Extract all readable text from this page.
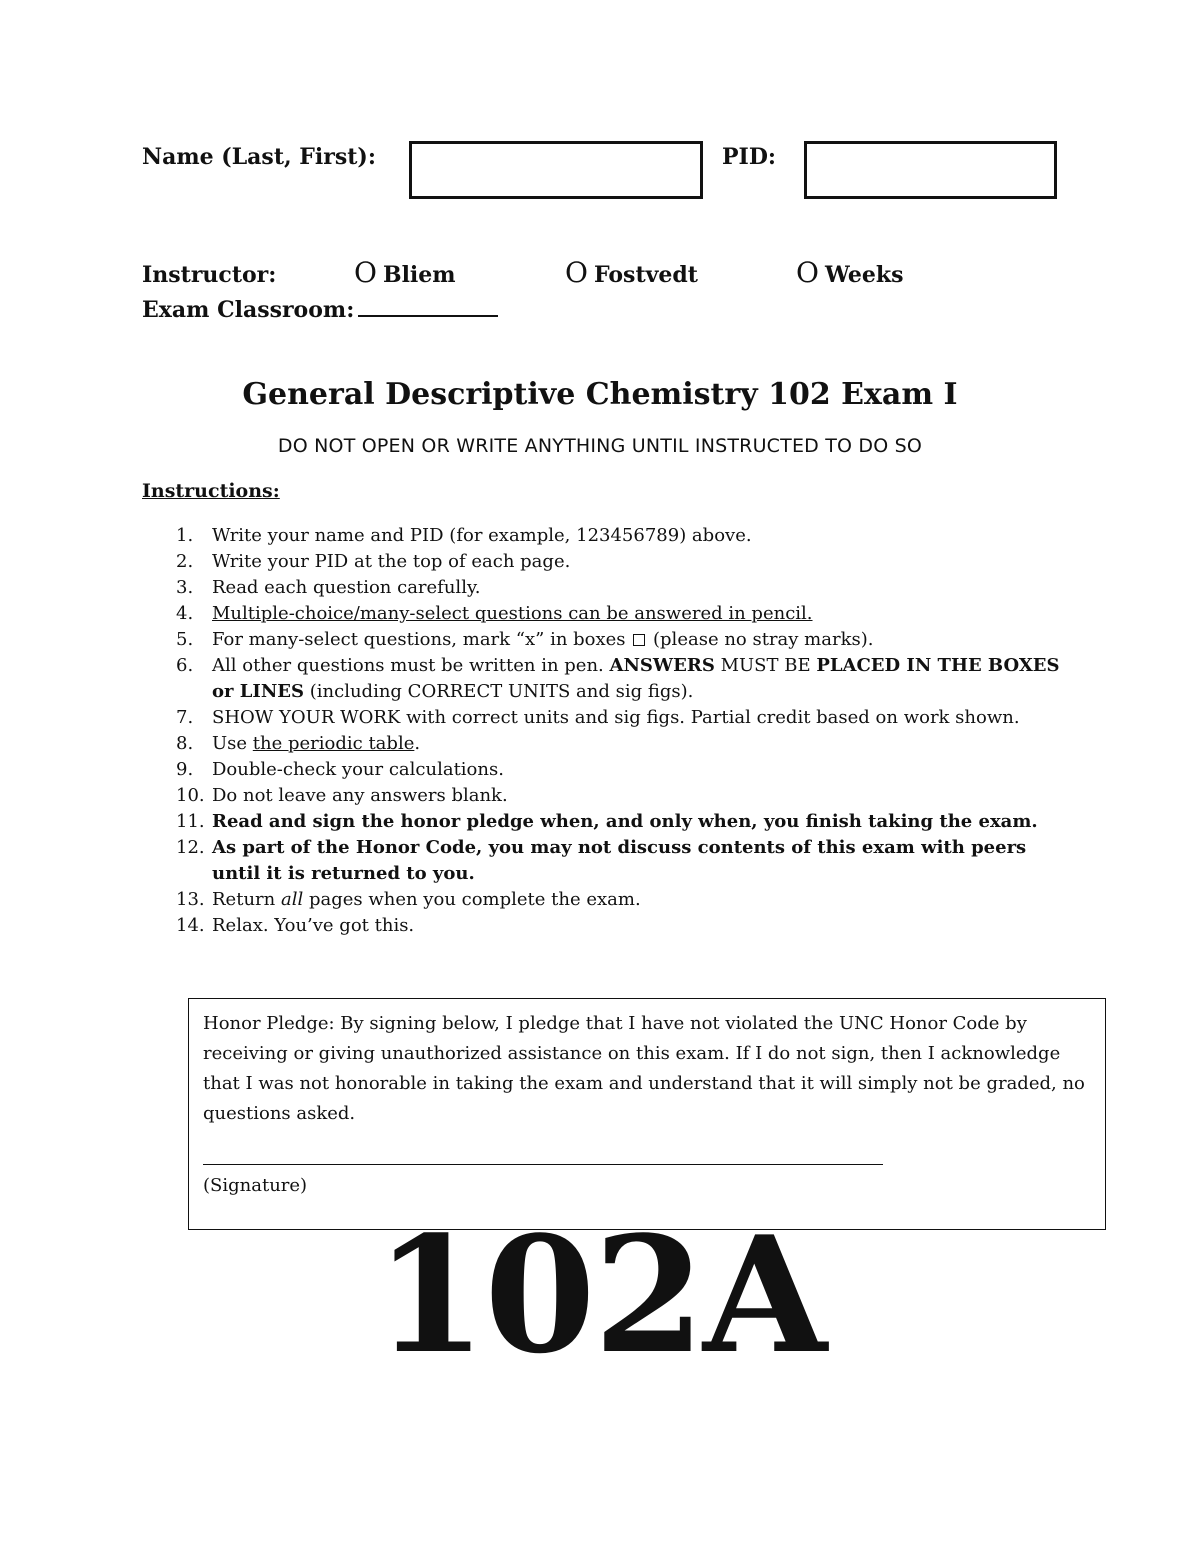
Name (Last, First):	PID:
Instructor:	O Bliem	O Fostvedt	O Weeks
Exam Classroom:
General Descriptive Chemistry 102 Exam I
DO NOT OPEN OR WRITE ANYTHING UNTIL INSTRUCTED TO DO SO
Instructions:
1.	Write your name and PID (for example, 123456789) above.
2.	Write your PID at the top of each page.
3.	Read each question carefully.
4.	Multiple-choice/many-select questions can be answered in pencil.
5.	For many-select questions, mark “x” in boxes (please no stray marks).
6.	All other questions must be written in pen. ANSWERS MUST BE PLACED IN THE BOXES or LINES (including CORRECT UNITS and sig figs).
7.	SHOW YOUR WORK with correct units and sig figs. Partial credit based on work shown.
8.	Use the periodic table.
9.	Double-check your calculations.
10. Do not leave any answers blank.
11. Read and sign the honor pledge when, and only when, you finish taking the exam.
12. As part of the Honor Code, you may not discuss contents of this exam with peers until it is returned to you.
13. Return all pages when you complete the exam.
14. Relax. You’ve got this.
Honor Pledge: By signing below, I pledge that I have not violated the UNC Honor Code by receiving or giving unauthorized assistance on this exam. If I do not sign, then I acknowledge that I was not honorable in taking the exam and understand that it will simply not be graded, no questions asked.
(Signature)
102A
